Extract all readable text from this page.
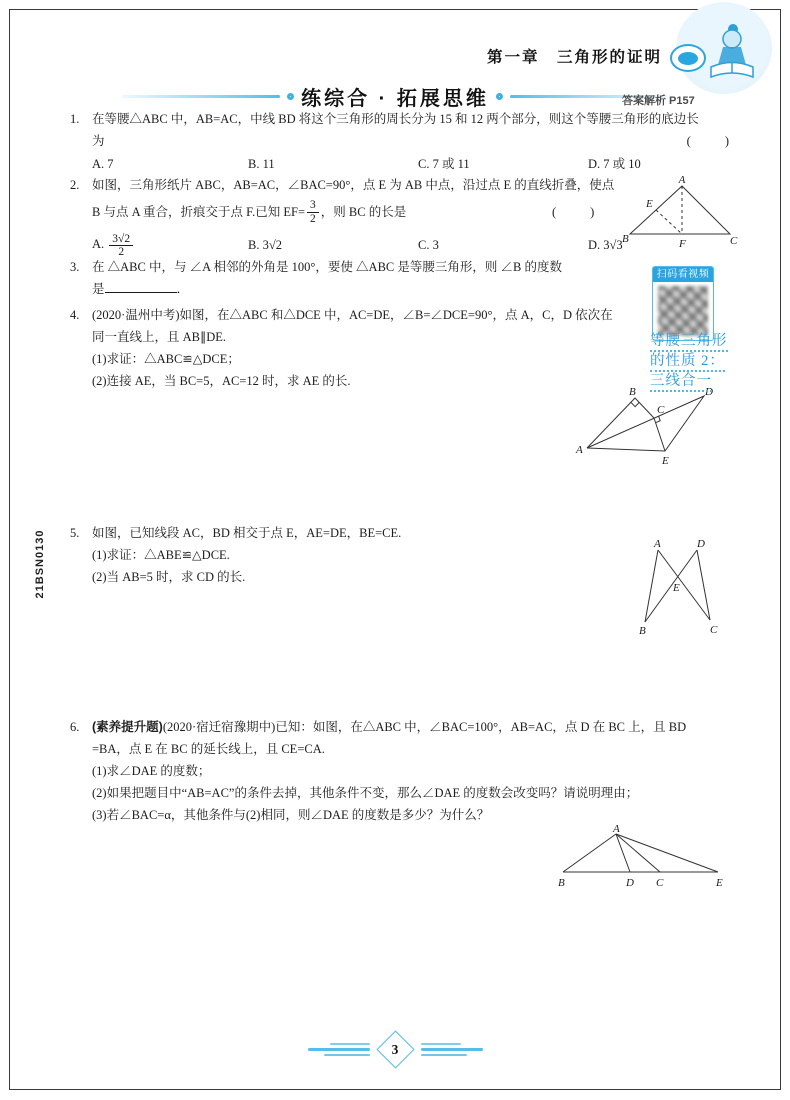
第一章　三角形的证明
练综合 · 拓展思维	答案解析 P157
1. 在等腰△ABC 中，AB=AC，中线 BD 将这个三角形的周长分为 15 和 12 两个部分，则这个等腰三角形的底边长
为	(        )
A. 7	B. 11	C. 7 或 11	D. 7 或 10
2. 如图，三角形纸片 ABC，AB=AC，∠BAC=90°，点 E 为 AB 中点，沿过点 E 的直线折叠，使点
B 与点 A 重合，折痕交于点 F.已知 $EF= \frac{3}{2}$ ，则 BC 的长是	(        )
A. $\frac{3√2}{2}$	B. 3√2	C. 3	D. 3√3
A
B	C
E
F
3. 在 △ABC 中，与 ∠A 相邻的外角是 100°，要使 △ABC 是等腰三角形，则 ∠B 的度数
是	．
4. (2020·温州中考)如图，在△ABC 和△DCE 中，AC=DE，∠B=∠DCE=90°，点 A，C，D 依次在
同一直线上，且 AB∥DE.
(1)求证：△ABC≌△DCE；
(2)连接 AE，当 BC=5，AC=12 时，求 AE 的长.
A
B
C
D
E
扫码看视频
等腰三角形
的性质 2：
三线合一
5. 如图，已知线段 AC，BD 相交于点 E，AE=DE，BE=CE.
(1)求证：△ABE≌△DCE.
(2)当 AB=5 时，求 CD 的长.
A	D
B	C
E
6. (素养提升题)(2020·宿迁宿豫期中)已知：如图，在△ABC 中，∠BAC=100°，AB=AC，点 D 在 BC 上，且 BD
=BA，点 E 在 BC 的延长线上，且 CE=CA.
(1)求∠DAE 的度数；
(2)如果把题目中“AB=AC”的条件去掉，其他条件不变，那么∠DAE 的度数会改变吗？请说明理由；
(3)若∠BAC=α，其他条件与(2)相同，则∠DAE 的度数是多少？为什么？
A
B	D C	E
21BSN0130
3
